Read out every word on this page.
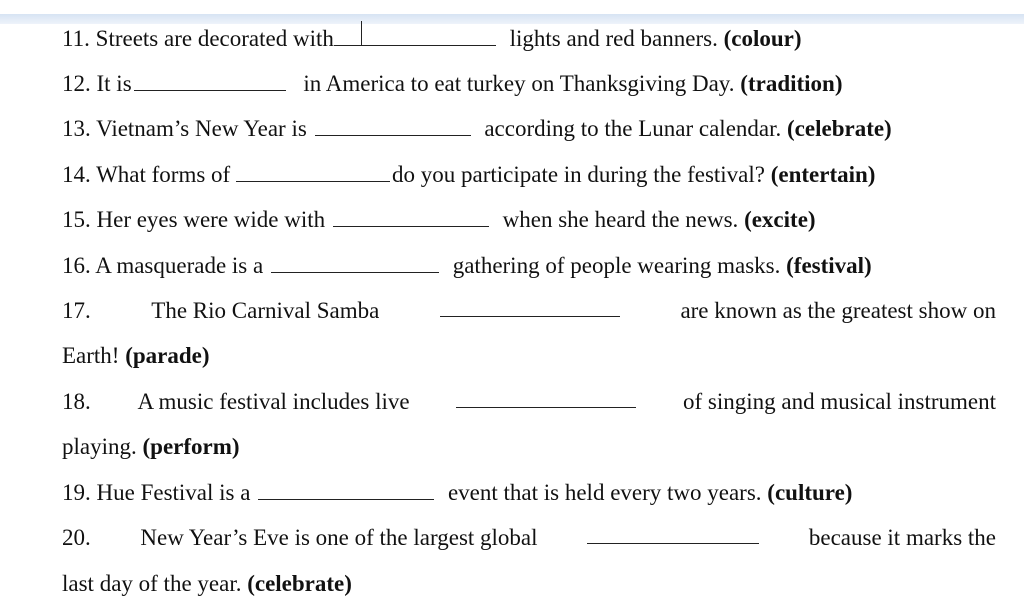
11. Streets are decorated with	lights and red banners. (colour)
12. It is	in America to eat turkey on Thanksgiving Day. (tradition)
13. Vietnam’s New Year is	according to the Lunar calendar. (celebrate)
14. What forms of	do you participate in during the festival? (entertain)
15. Her eyes were wide with	when she heard the news. (excite)
16. A masquerade is a	gathering of people wearing masks. (festival)
17.	The Rio Carnival Samba	are known as the greatest show on
Earth! (parade)
18. A music festival includes live	of singing and musical instrument
playing. (perform)
19. Hue Festival is a	event that is held every two years. (culture)
20. New Year’s Eve is one of the largest global	because it marks the
last day of the year. (celebrate)
